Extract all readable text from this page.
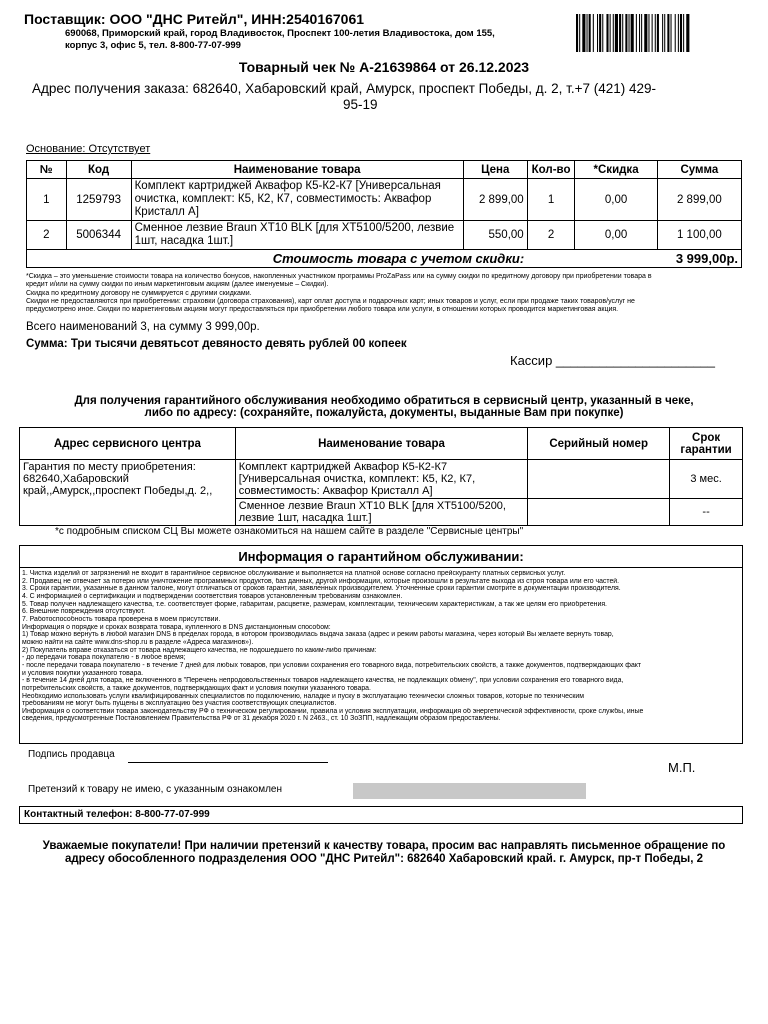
Поставщик: ООО "ДНС Ритейл", ИНН:2540167061
690068, Приморский край, город Владивосток, Проспект 100-летия Владивостока, дом 155,
корпус 3, офис 5, тел. 8-800-77-07-999
Товарный чек № А-21639864 от 26.12.2023
Адрес получения заказа: 682640, Хабаровский край, Амурск, проспект Победы, д. 2, т.+7 (421) 429-
95-19
Основание: Отсутствует
№	Код	Наименование товара	Цена	Кол-во	*Скидка	Сумма
1	1259793	Комплект картриджей Аквафор К5-К2-К7 [Универсальная очистка, комплект: К5, К2, К7, совместимость: Аквафор Кристалл А]	2 899,00	1	0,00	2 899,00
2	5006344	Сменное лезвие Braun XT10 BLK [для XT5100/5200, лезвие 1шт, насадка 1шт.]	550,00	2	0,00	1 100,00
Стоимость товара с учетом скидки:				3 999,00р.		
*Скидка – это уменьшение стоимости товара на количество бонусов, накопленных участником программы ProZaPass или на сумму скидки по кредитному договору при приобретении товара в
кредит и/или на сумму скидки по иным маркетинговым акциям (далее именуемые – Скидки).
Скидка по кредитному договору не суммируется с другими скидками.
Скидки не предоставляются при приобретении: страховки (договора страхования), карт оплат доступа и подарочных карт; иных товаров и услуг, если при продаже таких товаров/услуг не
предусмотрено иное. Скидки по маркетинговым акциям могут предоставляться при приобретении любого товара или услуги, в отношении которых проводится маркетинговая акция.
Всего наименований 3, на сумму 3 999,00р.
Сумма: Три тысячи девятьсот девяносто девять рублей 00 копеек
Кассир ______________________
Для получения гарантийного обслуживания необходимо обратиться в сервисный центр, указанный в чеке,
либо по адресу: (сохраняйте, пожалуйста, документы, выданные Вам при покупке)
Адрес сервисного центра	Наименование товара	Серийный номер	Срок гарантии
Гарантия по месту приобретения: 682640,Хабаровский край,,Амурск,,проспект Победы,д. 2,,	Комплект картриджей Аквафор К5-К2-К7 [Универсальная очистка, комплект: К5, К2, К7, совместимость: Аквафор Кристалл А]		3 мес.
	Сменное лезвие Braun XT10 BLK [для XT5100/5200, лезвие 1шт, насадка 1шт.]		--
*с подробным списком СЦ Вы можете ознакомиться на нашем сайте в разделе "Сервисные центры"
Информация о гарантийном обслуживании:
1. Чистка изделий от загрязнений не входит в гарантийное сервисное обслуживание и выполняется на платной основе согласно прейскуранту платных сервисных услуг.
2. Продавец не отвечает за потерю или уничтожение программных продуктов, баз данных, другой информации, которые произошли в результате выхода из строя товара или его частей.
3. Сроки гарантии, указанные в данном талоне, могут отличаться от сроков гарантии, заявленных производителем. Уточненные сроки гарантии смотрите в документации производителя.
4. С информацией о сертификации и подтверждении соответствия товаров установленным требованиям ознакомлен.
5. Товар получен надлежащего качества, т.е. соответствует форме, габаритам, расцветке, размерам, комплектации, техническим характеристикам, а так же целям его приобретения.
6. Внешние повреждения отсутствуют.
7. Работоспособность товара проверена в моем присутствии.
Информация о порядке и сроках возврата товара, купленного в DNS дистанционным способом:
1) Товар можно вернуть в любой магазин DNS в пределах города, в котором производилась выдача заказа (адрес и режим работы магазина, через который Вы желаете вернуть товар,
можно найти на сайте www.dns-shop.ru в разделе «Адреса магазинов»).
2) Покупатель вправе отказаться от товара надлежащего качества, не подошедшего по каким-либо причинам:
- до передачи товара покупателю - в любое время;
- после передачи товара покупателю - в течение 7 дней для любых товаров, при условии сохранения его товарного вида, потребительских свойств, а также документов, подтверждающих факт
и условия покупки указанного товара.
- в течение 14 дней для товара, не включенного в "Перечень непродовольственных товаров надлежащего качества, не подлежащих обмену", при условии сохранения его товарного вида,
потребительских свойств, а также документов, подтверждающих факт и условия покупки указанного товара.
Необходимо использовать услуги квалифицированных специалистов по подключению, наладке и пуску в эксплуатацию технически сложных товаров, которые по техническим
требованиям не могут быть пущены в эксплуатацию без участия соответствующих специалистов.
Информация о соответствии товара законодательству РФ о техническом регулировании, правила и условия эксплуатации, информация об энергетической эффективности, сроке службы, иные
сведения, предусмотренные Постановлением Правительства РФ от 31 декабря 2020 г. N 2463., ст. 10 ЗоЗПП, надлежащим образом предоставлены.
Подпись продавца
М.П.
Претензий к товару не имею, с указанным ознакомлен
Контактный телефон: 8-800-77-07-999
Уважаемые покупатели! При наличии претензий к качеству товара, просим вас направлять письменное обращение по
адресу обособленного подразделения ООО "ДНС Ритейл": 682640 Хабаровский край. г. Амурск, пр-т Победы, 2
